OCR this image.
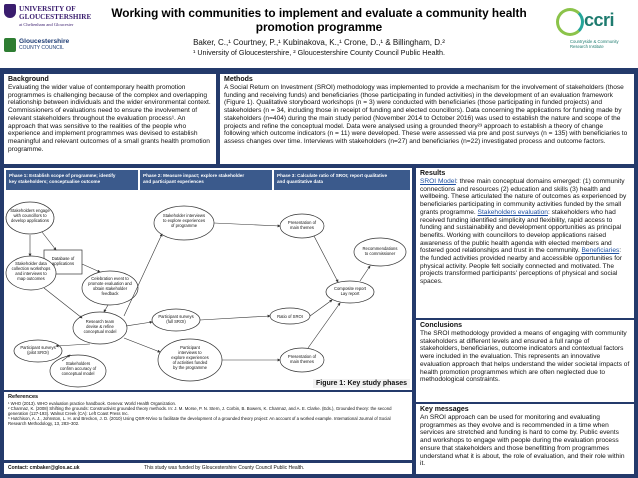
UNIVERSITY OF GLOUCESTERSHIRE
at Cheltenham and Gloucester
Gloucestershire
COUNTY COUNCIL
Working with communities to implement and evaluate a community health promotion programme
Baker, C.,¹ Courtney, P.,¹ Kubinakova, K.,¹ Crone, D.,¹ & Billingham, D.²
¹ University of Gloucestershire, ² Gloucestershire County Council Public Health.
ccri
Countryside & Community Research Institute
Background

Evaluating the wider value of contemporary health promotion programmes is challenging because of the complex and overlapping relationship between individuals and the wider environmental context. Commissioners of evaluations need to ensure the involvement of relevant stakeholders throughout the evaluation process¹. An approach that was sensitive to the realities of the people who experience and implement programmes was devised to establish meaningful and relevant outcomes of a small grants health promotion programme.

Methods

A Social Return on Investment (SROI) methodology was implemented to provide a mechanism for the involvement of stakeholders (those funding and receiving funds) and beneficiaries (those participating in funded activities) in the development of an evaluation framework (Figure 1). Qualitative storyboard workshops (n = 3) were conducted with beneficiaries (those participating in funded projects) and stakeholders (n = 34, including those in receipt of funding and elected councillors). Data concerning the applications for funding made by stakeholders (n=404) during the main study period (November 2014 to October 2016) was used to establish the nature and scope of the projects and refine the conceptual model. Data were analysed using a grounded theory²³ approach to establish a theory of change following which outcome indicators (n = 11) were developed. These were assessed via pre and post surveys (n = 135) with beneficiaries to assess changes over time. Interviews with stakeholders (n=27) and beneficiaries (n=22) investigated process and outcome factors.

Phase 1: Establish scope of programme; identify key stakeholders; conceptualise outcome
Phase 2: Measure impact; explore stakeholder and participant experiences
Phase 3: Calculate ratio of SROI; report qualitative and quantitative data
Stakeholders engage with councillors to develop applications
Database of applications
Stakeholder data collection workshops and interviews to map outcomes	Celebration event to promote evaluation and obtain stakeholder feedback
Research team devise & refine conceptual model
Stakeholder interviews to explore experiences of programme
Participant surveys (full SROI)
Participant surveys (pilot SROI)
Participant interviews to explore experiences of activities funded by the programme
Stakeholders confirm accuracy of conceptual model
Presentation of main themes
Composite report Lay report
Recommendations to commissioner
Ratio of SROI
Presentation of main themes
Figure 1: Key study phases
Results

SROI Model: three main conceptual domains emerged: (1) community connections and resources (2) education and skills (3) health and wellbeing. These articulated the nature of outcomes as experienced by beneficiaries participating in community activities funded by the small grants programme. Stakeholders evaluation: stakeholders who had received funding identified simplicity and flexibility, rapid access to funding and sustainability and development opportunities as principal benefits. Working with councillors to develop applications raised awareness of the public health agenda with elected members and fostered good relationships and trust in the community. Beneficiaries: the funded activities provided nearby and accessible opportunities for physical activity. People felt socially connected and motivated. The projects transformed participants' perceptions of physical and social spaces.

Conclusions

The SROI methodology provided a means of engaging with community stakeholders at different levels and ensured a full range of stakeholders, beneficiaries, outcome indicators and contextual factors were included in the evaluation. This represents an innovative evaluation approach that helps understand the wider societal impacts of health promotion programmes which are often neglected due to methodological constraints.

Key messages

An SROI approach can be used for monitoring and evaluating programmes as they evolve and is recommended in a time when services are stretched and funding is hard to come by. Public events and workshops to engage with people during the evaluation process ensure that stakeholders and those benefitting from programmes understand what it is about, the role of evaluation, and their role within it.

References

¹ WHO (2013). WHO evaluation practice handbook. Geneva: World Health Organization.

² Charmaz, K. (2008) Shifting the grounds: Constructivist grounded theory methods. In: J. M. Morse, P. N. Stern, J. Corbin, B. Bowers, K. Charmaz, and A. E. Clarke. (Eds.), Grounded theory: the second generation (127-193). Walnut Creek (CA): Left Coast Press Inc.

³ Hutchison, A. J., Johnston, L. H. and Breckon, J. D. (2010) Using QSR-NVivo to facilitate the development of a grounded theory project: An account of a worked example. International Journal of Social Research Methodology, 13, 283–302.

Contact: cmbaker@glos.ac.uk	This study was funded by Gloucestershire County Council Public Health.
